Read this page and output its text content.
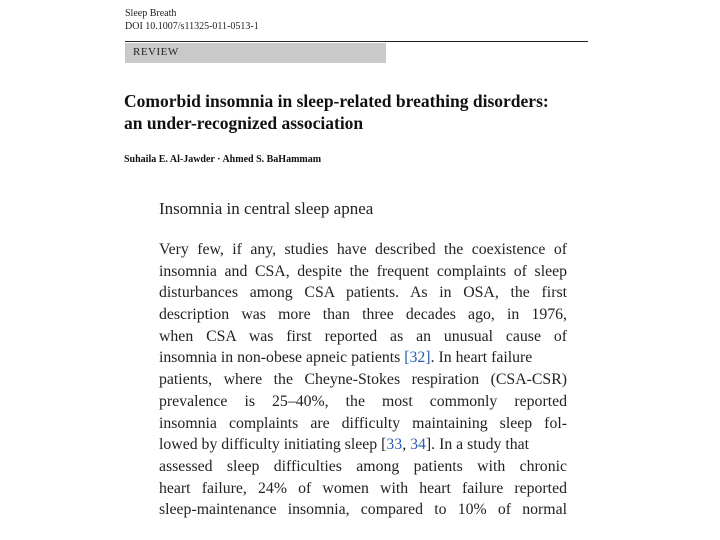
Sleep Breath
DOI 10.1007/s11325-011-0513-1
REVIEW
Comorbid insomnia in sleep-related breathing disorders:
an under-recognized association
Suhaila E. Al-Jawder · Ahmed S. BaHammam
Insomnia in central sleep apnea
Very few, if any, studies have described the coexistence of
insomnia and CSA, despite the frequent complaints of sleep
disturbances among CSA patients. As in OSA, the first
description was more than three decades ago, in 1976,
when CSA was first reported as an unusual cause of
insomnia in non-obese apneic patients [32]. In heart failure
patients, where the Cheyne-Stokes respiration (CSA-CSR)
prevalence is 25–40%, the most commonly reported
insomnia complaints are difficulty maintaining sleep fol-
lowed by difficulty initiating sleep [33, 34]. In a study that
assessed sleep difficulties among patients with chronic
heart failure, 24% of women with heart failure reported
sleep-maintenance insomnia, compared to 10% of normal
